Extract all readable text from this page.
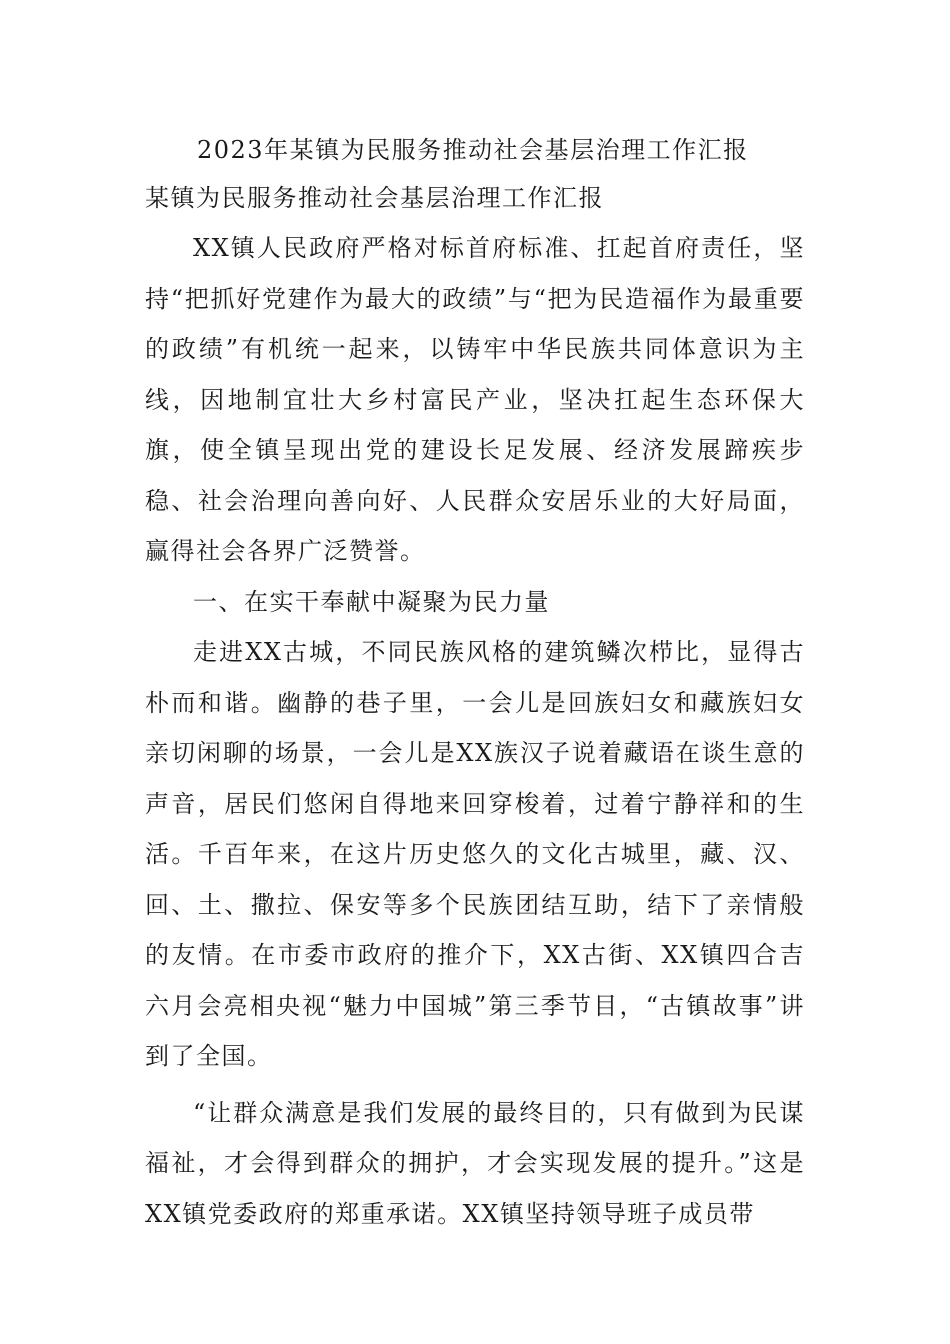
2023年某镇为民服务推动社会基层治理工作汇报
某镇为民服务推动社会基层治理工作汇报

XX镇人民政府严格对标首府标准、扛起首府责任，坚持“把抓好党建作为最大的政绩”与“把为民造福作为最重要的政绩”有机统一起来，以铸牢中华民族共同体意识为主线，因地制宜壮大乡村富民产业，坚决扛起生态环保大旗，使全镇呈现出党的建设长足发展、经济发展蹄疾步稳、社会治理向善向好、人民群众安居乐业的大好局面，赢得社会各界广泛赞誉。

一、在实干奉献中凝聚为民力量

走进XX古城，不同民族风格的建筑鳞次栉比，显得古朴而和谐。幽静的巷子里，一会儿是回族妇女和藏族妇女亲切闲聊的场景，一会儿是XX族汉子说着藏语在谈生意的声音，居民们悠闲自得地来回穿梭着，过着宁静祥和的生活。千百年来，在这片历史悠久的文化古城里，藏、汉、回、土、撒拉、保安等多个民族团结互助，结下了亲情般的友情。在市委市政府的推介下，XX古街、XX镇四合吉六月会亮相央视“魅力中国城”第三季节目，“古镇故事”讲到了全国。

“让群众满意是我们发展的最终目的，只有做到为民谋福祉，才会得到群众的拥护，才会实现发展的提升。”这是XX镇党委政府的郑重承诺。XX镇坚持领导班子成员带
